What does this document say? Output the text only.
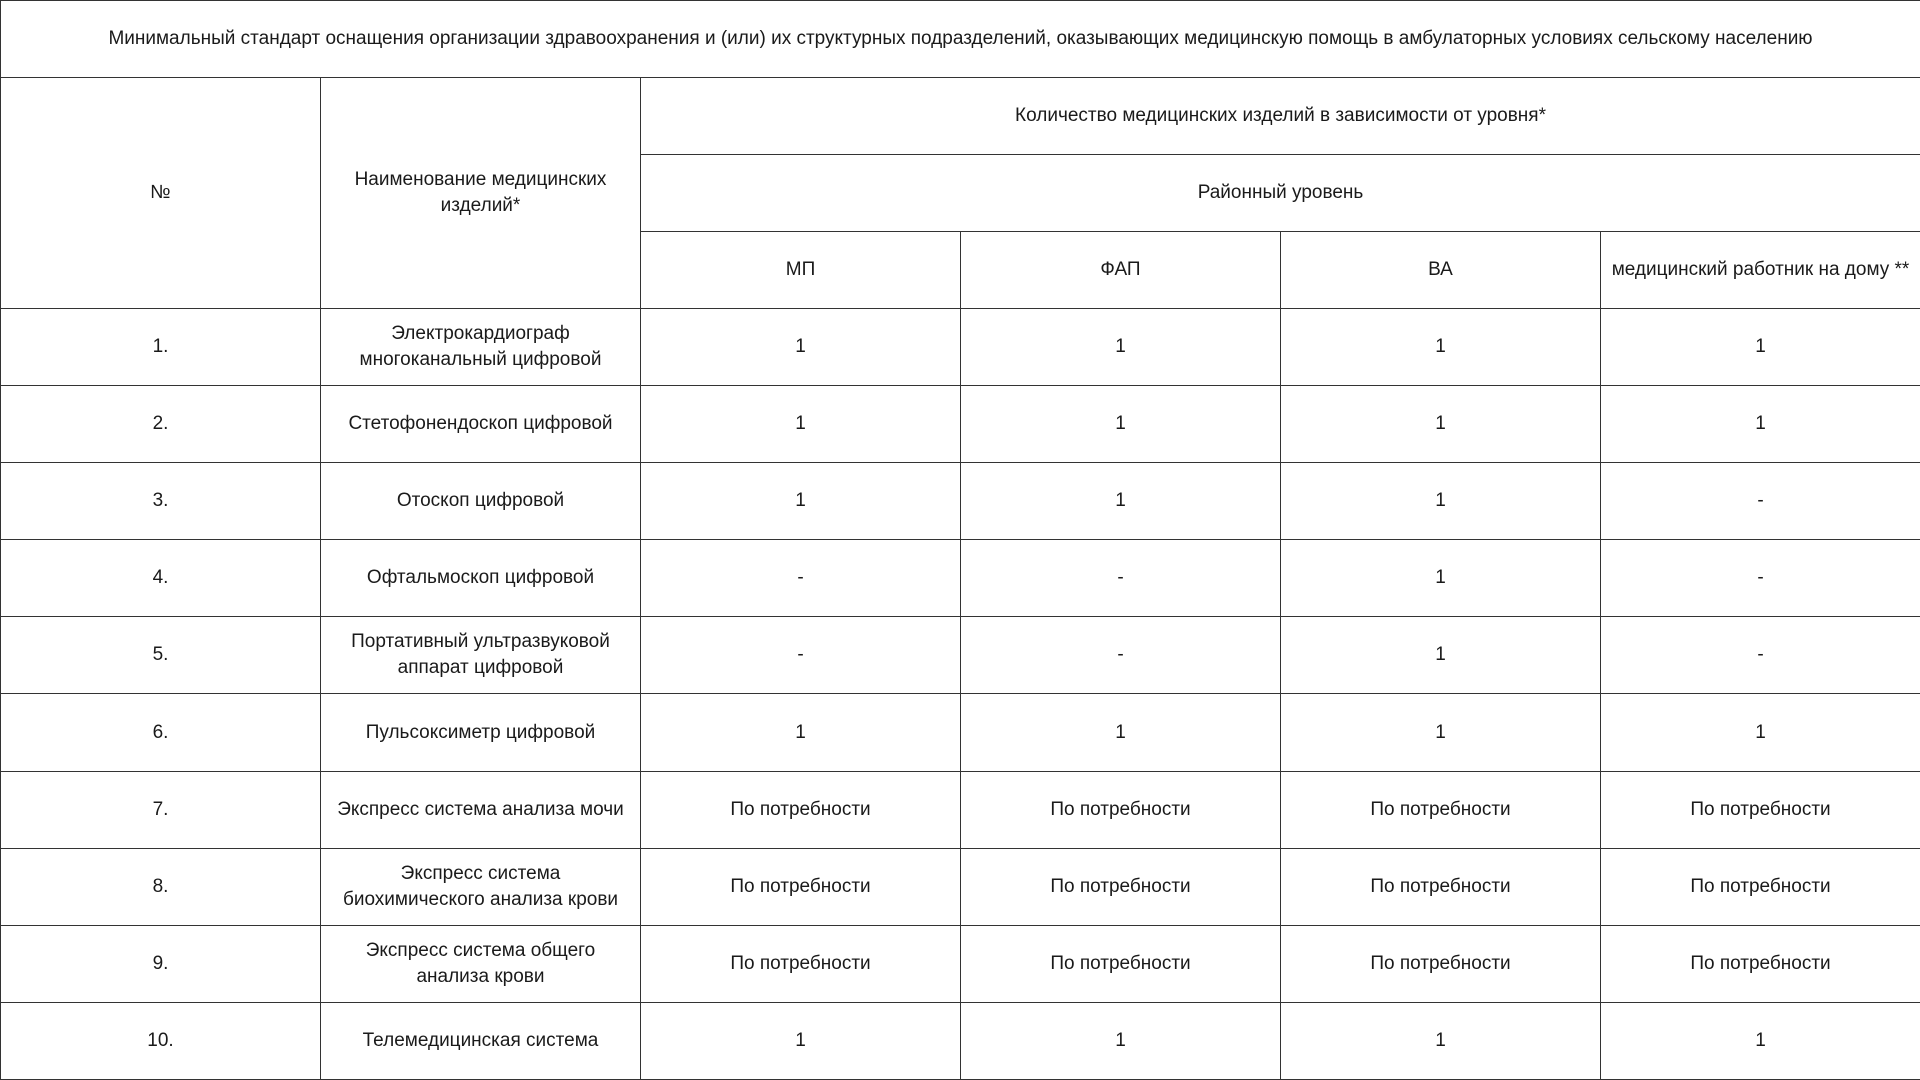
Минимальный стандарт оснащения организации здравоохранения и (или) их структурных подразделений, оказывающих медицинскую помощь в амбулаторных условиях сельскому населению					
№	Наименование медицинских изделий*	Количество медицинских изделий в зависимости от уровня*			
		Районный уровень			
		МП	ФАП	ВА	медицинский работник на дому **
1.	Электрокардиограф многоканальный цифровой	1	1	1	1
2.	Стетофонендоскоп цифровой	1	1	1	1
3.	Отоскоп цифровой	1	1	1	-
4.	Офтальмоскоп цифровой	-	-	1	-
5.	Портативный ультразвуковой аппарат цифровой	-	-	1	-
6.	Пульсоксиметр цифровой	1	1	1	1
7.	Экспресс система анализа мочи	По потребности	По потребности	По потребности	По потребности
8.	Экспресс система биохимического анализа крови	По потребности	По потребности	По потребности	По потребности
9.	Экспресс система общего анализа крови	По потребности	По потребности	По потребности	По потребности
10.	Телемедицинская система	1	1	1	1
